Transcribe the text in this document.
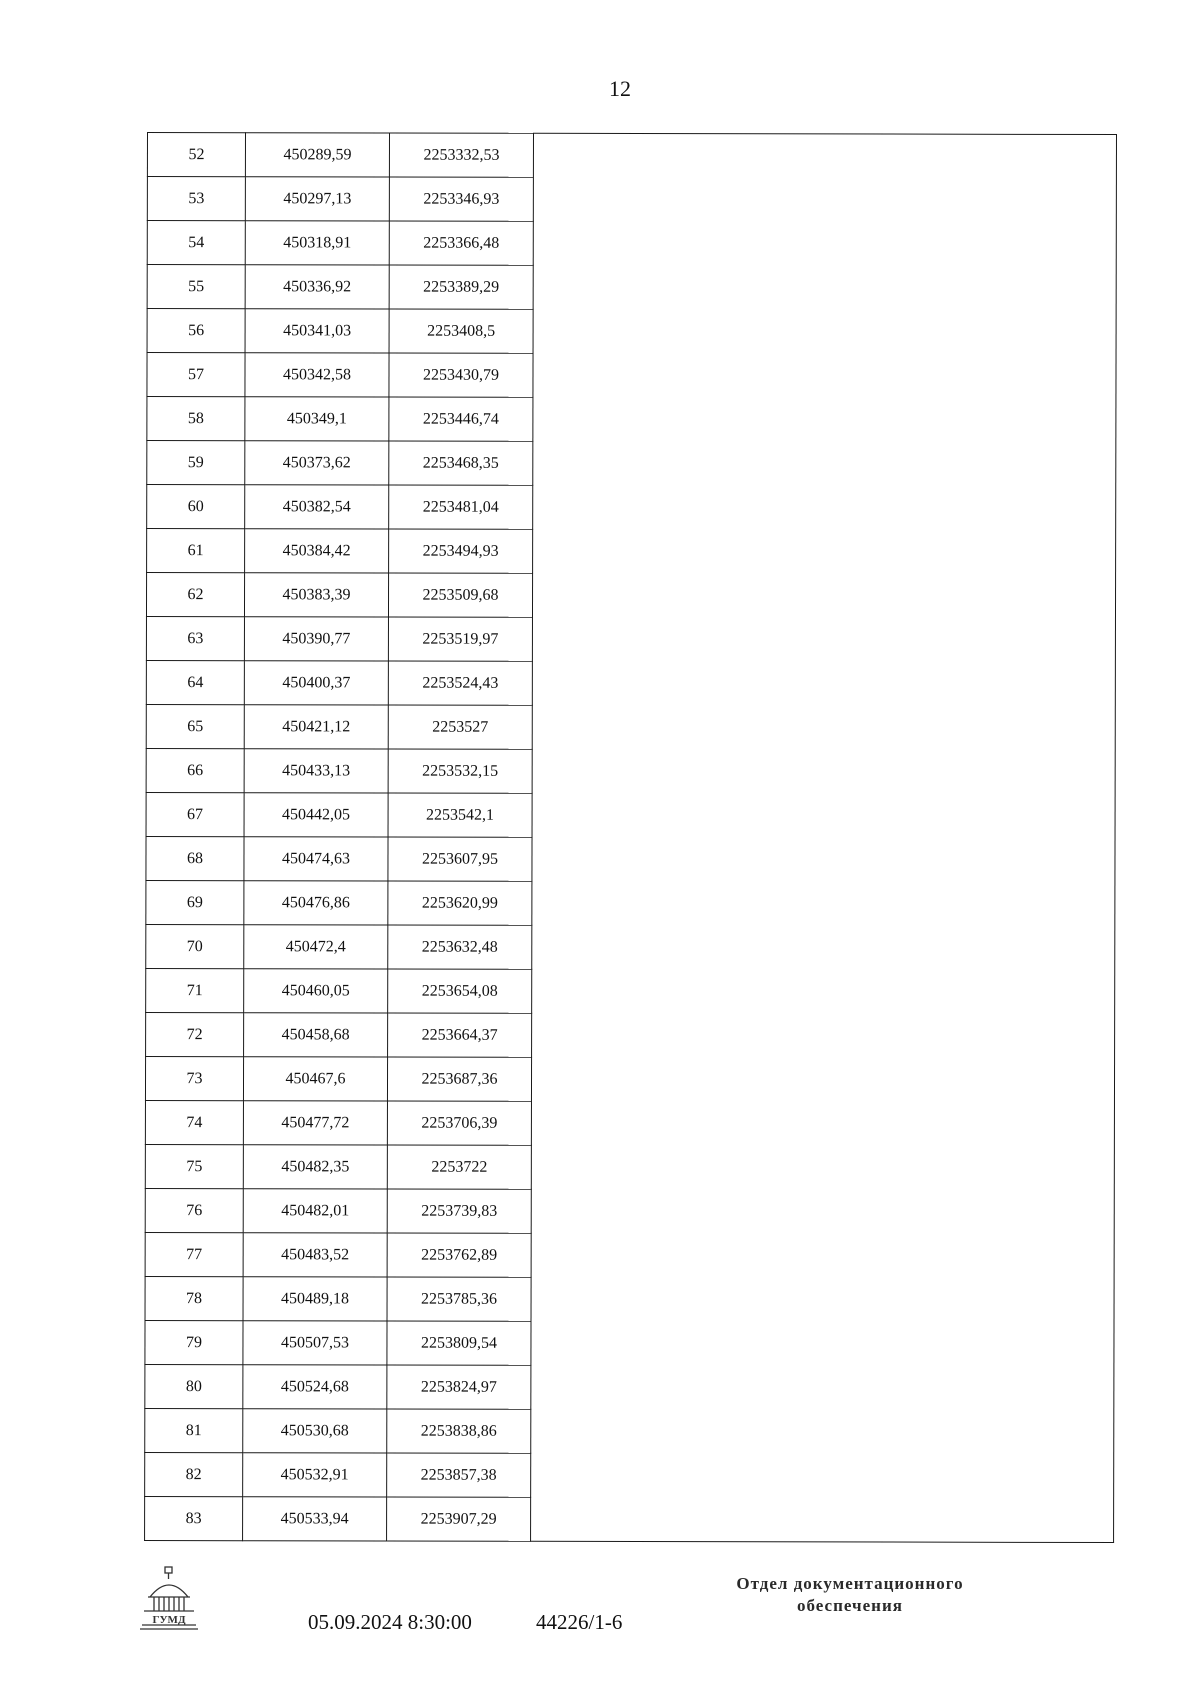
12
52	450289,59	2253332,53	
53	450297,13	2253346,93	
54	450318,91	2253366,48	
55	450336,92	2253389,29	
56	450341,03	2253408,5	
57	450342,58	2253430,79	
58	450349,1	2253446,74	
59	450373,62	2253468,35	
60	450382,54	2253481,04	
61	450384,42	2253494,93	
62	450383,39	2253509,68	
63	450390,77	2253519,97	
64	450400,37	2253524,43	
65	450421,12	2253527	
66	450433,13	2253532,15	
67	450442,05	2253542,1	
68	450474,63	2253607,95	
69	450476,86	2253620,99	
70	450472,4	2253632,48	
71	450460,05	2253654,08	
72	450458,68	2253664,37	
73	450467,6	2253687,36	
74	450477,72	2253706,39	
75	450482,35	2253722	
76	450482,01	2253739,83	
77	450483,52	2253762,89	
78	450489,18	2253785,36	
79	450507,53	2253809,54	
80	450524,68	2253824,97	
81	450530,68	2253838,86	
82	450532,91	2253857,38	
83	450533,94	2253907,29	
ГУМД	05.09.2024 8:30:00	44226/1-6
Отдел документационного
обеспечения
